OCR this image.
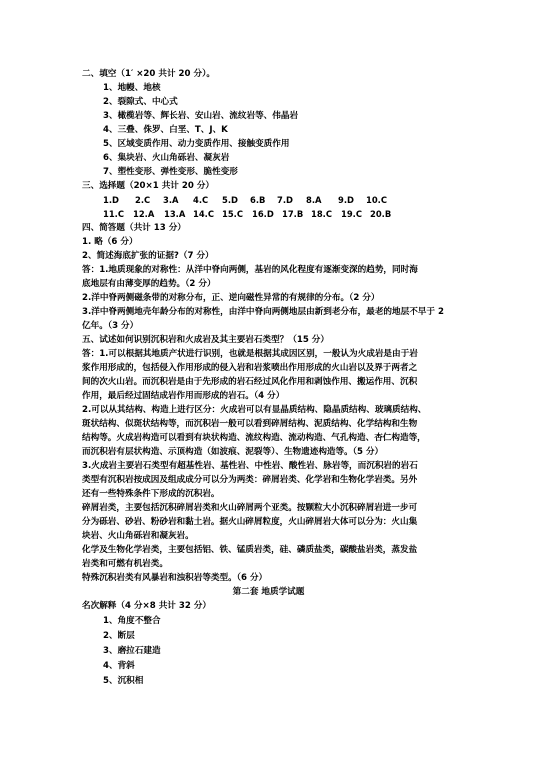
二、填空（1′ ×20 共计 20 分）。
1、地幔、地核
2、裂隙式、中心式
3、橄榄岩等、辉长岩、安山岩、流纹岩等、伟晶岩
4、三叠、侏罗、白垩、T、J、K
5、区域变质作用、动力变质作用、接触变质作用
6、集块岩、火山角砾岩、凝灰岩
7、塑性变形、弹性变形、脆性变形
三、选择题（20×1 共计 20 分）
1.D 2.C 3.A 4.C 5.D 6.B 7.D 8.A 9.D 10.C
11.C 12.A 13.A 14.C 15.C 16.D 17.B 18.C 19.C 20.B
四、简答题（共计 13 分）
1. 略（6 分）
2、简述海底扩张的证据?（7 分）
答：1.地质现象的对称性：从洋中脊向两侧，基岩的风化程度有逐渐变深的趋势，同时海
底地层有由薄变厚的趋势。（2 分）
2.洋中脊两侧磁条带的对称分布，正、逆向磁性异常的有规律的分布。（2 分）
3.洋中脊两侧地壳年龄分布的对称性，由洋中脊向两侧地层由新到老分布，最老的地层不早于 2
亿年。（3 分）
五、试述如何识别沉积岩和火成岩及其主要岩石类型？（15 分）
答：1.可以根据其地质产状进行识别，也就是根据其成因区别，一般认为火成岩是由于岩
浆作用形成的，包括侵入作用形成的侵入岩和岩浆喷出作用形成的火山岩以及界于两者之
间的次火山岩。而沉积岩是由于先形成的岩石经过风化作用和剥蚀作用、搬运作用、沉积
作用，最后经过固结成岩作用而形成的岩石。（4 分）
2.可以从其结构、构造上进行区分：火成岩可以有显晶质结构、隐晶质结构、玻璃质结构、
斑状结构、似斑状结构等，而沉积岩一般可以看到碎屑结构、泥质结构、化学结构和生物
结构等。火成岩构造可以看到有块状构造、流纹构造、流动构造、气孔构造、杏仁构造等，
而沉积岩有层状构造、示顶构造（如波痕、泥裂等）、生物遗迹构造等。（5 分）
3.火成岩主要岩石类型有超基性岩、基性岩、中性岩、酸性岩、脉岩等，而沉积岩的岩石
类型有沉积岩按成因及组成成分可以分为两类：碎屑岩类、化学岩和生物化学岩类。另外
还有一些特殊条件下形成的沉积岩。
碎屑岩类，主要包括沉积碎屑岩类和火山碎屑两个亚类。按颗粒大小沉积碎屑岩进一步可
分为砾岩、砂岩、粉砂岩和黏土岩。据火山碎屑粒度，火山碎屑岩大体可以分为：火山集
块岩、火山角砾岩和凝灰岩。
化学及生物化学岩类，主要包括铝、铁、锰质岩类，硅、磷质盐类，碳酸盐岩类，蒸发盐
岩类和可燃有机岩类。
特殊沉积岩类有风暴岩和浊积岩等类型。（6 分）
第二套 地质学试题
名次解释（4 分×8 共计 32 分）
1、角度不整合
2、断层
3、磨拉石建造
4、背斜
5、沉积相
